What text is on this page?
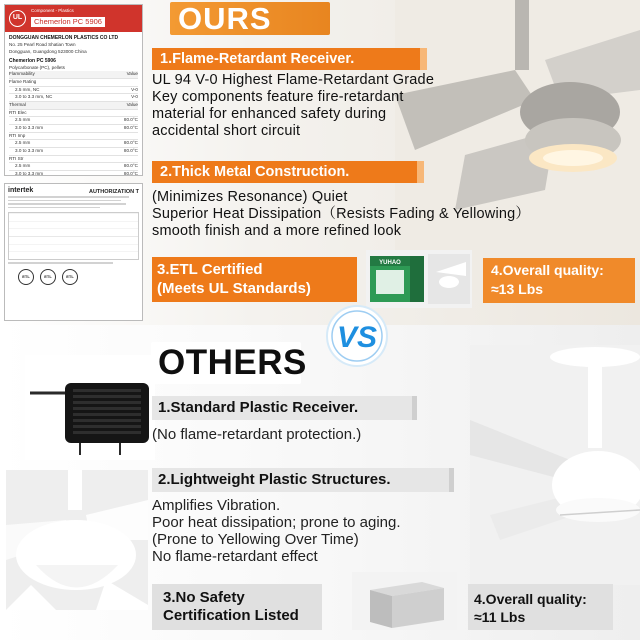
UL
Component - Plastics
Chemerlon PC 5906
DONGGUAN CHEMERLON PLASTICS CO LTD
No. 25 Pearl Road Shatian Town
Dongguan, Guangdong 523000 China
Chemerlon PC 5906
Polycarbonate (PC), pellets
Flammability	Value
Flame Rating
2.5 mm, NC	V-0
3.0 to 3.3 mm, NC	V-0
Thermal	Value
RTI Elec
2.5 mm	80.0°C
3.0 to 3.3 mm	80.0°C
RTI Imp
2.5 mm	80.0°C
3.0 to 3.3 mm	80.0°C
RTI Str
2.5 mm	80.0°C
3.0 to 3.3 mm	80.0°C
intertek	AUTHORIZATION T
ETL	ETL	ETL
OURS
1.Flame-Retardant Receiver.
UL 94 V-0 Highest Flame-Retardant Grade
Key components feature fire-retardant
material for enhanced safety during
accidental short circuit
2.Thick Metal Construction.
(Minimizes Resonance) Quiet
Superior Heat Dissipation（Resists Fading & Yellowing）
smooth finish and a more refined look
3.ETL Certified
(Meets UL Standards)
YUHAO	4.Overall quality:
≈13 Lbs
OTHERS
VS
1.Standard Plastic Receiver.
(No flame-retardant protection.)
2.Lightweight Plastic Structures.
Amplifies Vibration.
Poor heat dissipation; prone to aging.
(Prone to Yellowing Over Time)
No flame-retardant effect
3.No Safety
Certification Listed
4.Overall quality:
≈11 Lbs
